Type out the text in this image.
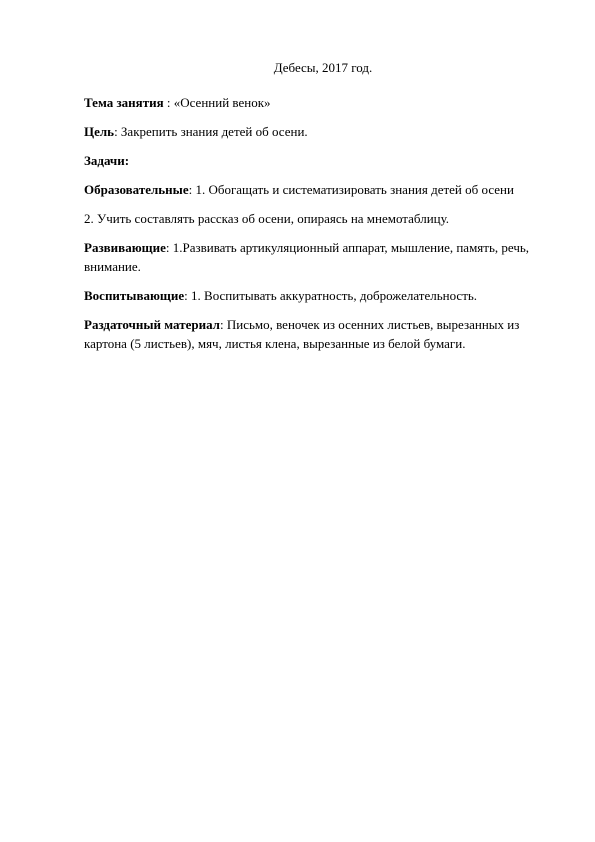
Дебесы, 2017 год.

Тема занятия : «Осенний венок»

Цель: Закрепить знания детей об осени.

Задачи:

Образовательные: 1. Обогащать и систематизировать знания детей об осени

2. Учить составлять рассказ об осени, опираясь на мнемотаблицу.

Развивающие: 1.Развивать артикуляционный аппарат, мышление, память, речь, внимание.

Воспитывающие: 1. Воспитывать аккуратность, доброжелательность.

Раздаточный материал: Письмо, веночек из осенних листьев, вырезанных из картона (5 листьев), мяч, листья клена, вырезанные из белой бумаги.
